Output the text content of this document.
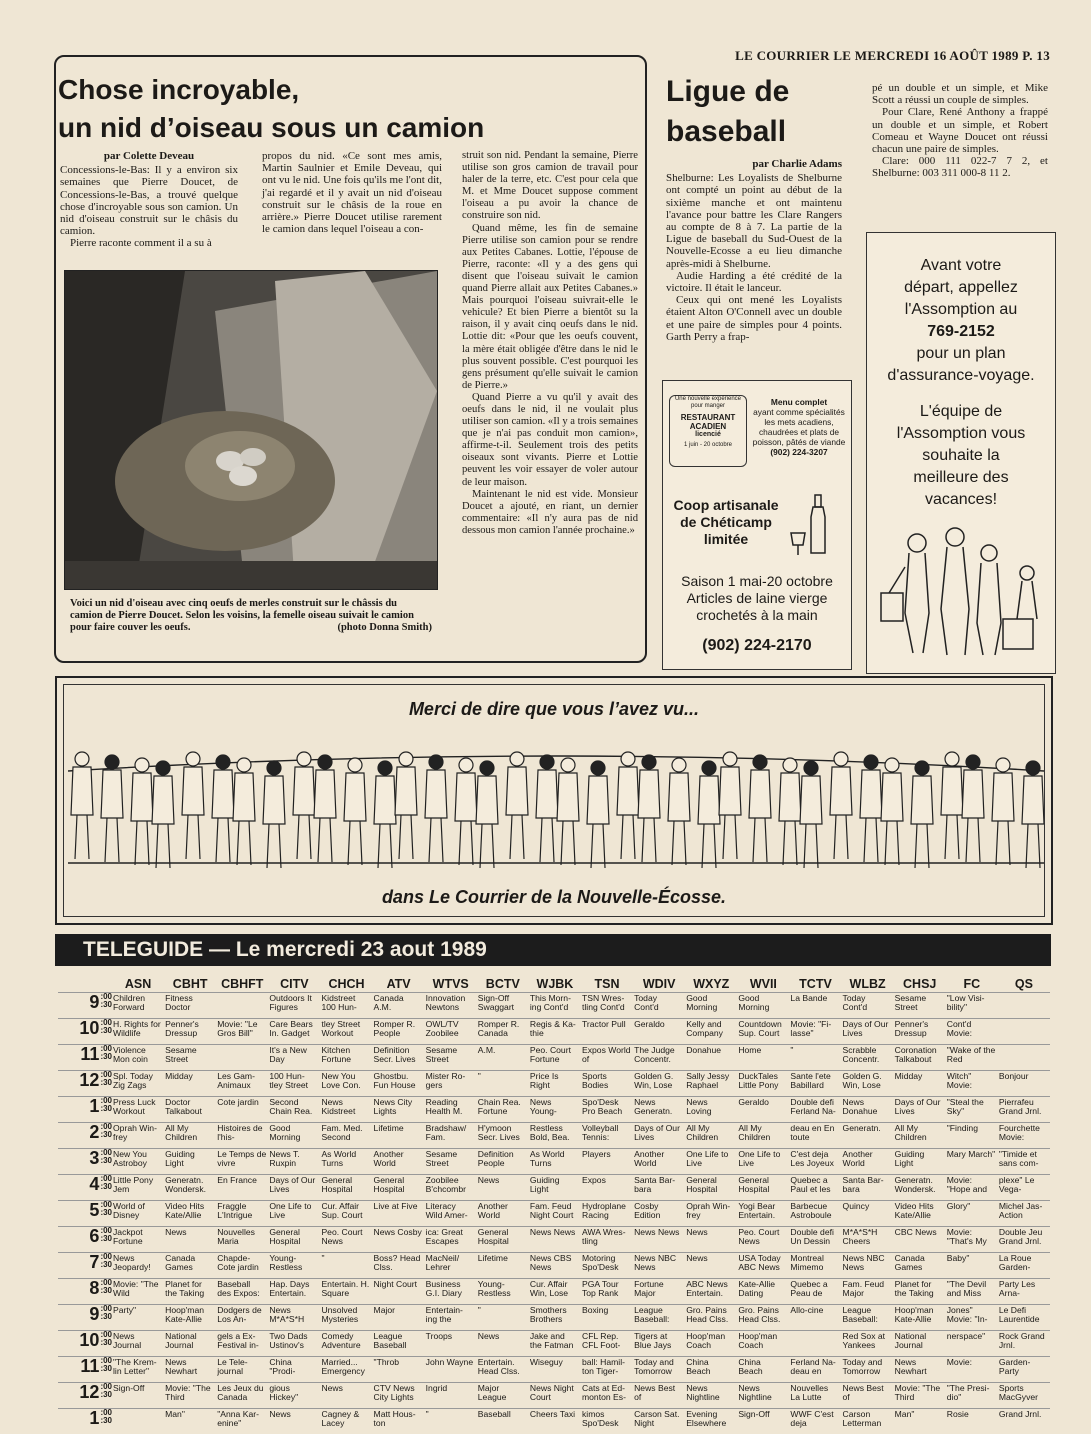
LE COURRIER LE MERCREDI 16 AOÛT 1989 P. 13
Chose incroyable,
un nid d’oiseau sous un camion
par Colette Deveau

Concessions-le-Bas: Il y a environ six semaines que Pierre Doucet, de Concessions-le-Bas, a trouvé quelque chose d'incroyable sous son camion. Un nid d'oiseau construit sur le châsis du camion.

Pierre raconte comment il a su à

propos du nid. «Ce sont mes amis, Martin Saulnier et Emile Deveau, qui ont vu le nid. Une fois qu'ils me l'ont dit, j'ai regardé et il y avait un nid d'oiseau construit sur le châsis de la roue en arrière.» Pierre Doucet utilise rarement le camion dans lequel l'oiseau a con-

struit son nid. Pendant la semaine, Pierre utilise son gros camion de travail pour haler de la terre, etc. C'est pour cela que M. et Mme Doucet suppose comment l'oiseau a pu avoir la chance de construire son nid.

Quand même, les fin de semaine Pierre utilise son camion pour se rendre aux Petites Cabanes. Lottie, l'épouse de Pierre, raconte: «Il y a des gens qui disent que l'oiseau suivait le camion quand Pierre allait aux Petites Cabanes.» Mais pourquoi l'oiseau suivrait-elle le vehicule? Et bien Pierre a bientôt su la raison, il y avait cinq oeufs dans le nid. Lottie dit: «Pour que les oeufs couvent, la mère était obligée d'être dans le nid le plus souvent possible. C'est pourquoi les gens présument qu'elle suivait le camion de Pierre.»

Quand Pierre a vu qu'il y avait des oeufs dans le nid, il ne voulait plus utiliser son camion. «Il y a trois semaines que je n'ai pas conduit mon camion», affirme-t-il. Seulement trois des petits oiseaux sont vivants. Pierre et Lottie peuvent les voir essayer de voler autour de leur maison.

Maintenant le nid est vide. Monsieur Doucet a ajouté, en riant, un dernier commentaire: «Il n'y aura pas de nid dessous mon camion l'année prochaine.»

Voici un nid d'oiseau avec cinq oeufs de merles construit sur le châssis du camion de Pierre Doucet. Selon les voisins, la femelle oiseau suivait le camion pour faire couver les oeufs.	(photo Donna Smith)
Ligue de
baseball
par Charlie Adams

Shelburne: Les Loyalists de Shelburne ont compté un point au début de la sixième manche et ont maintenu l'avance pour battre les Clare Rangers au compte de 8 à 7. La partie de la Ligue de baseball du Sud-Ouest de la Nouvelle-Ecosse a eu lieu dimanche après-midi à Shelburne.

Audie Harding a été crédité de la victoire. Il était le lanceur.

Ceux qui ont mené les Loyalists étaient Alton O'Connell avec un double et une paire de simples pour 4 points. Garth Perry a frap-

pé un double et un simple, et Mike Scott a réussi un couple de simples.

Pour Clare, René Anthony a frappé un double et un simple, et Robert Comeau et Wayne Doucet ont réussi chacun une paire de simples.

Clare: 000 111 022-7 7 2, et Shelburne: 003 311 000-8 11 2.

Une nouvelle expérience pour manger
RESTAURANT ACADIEN
licencié
1 juin - 20 octobre
Menu complet
ayant comme spécialités les mets acadiens, chaudrées et plats de poisson, pâtés de viande
(902) 224-3207
Coop artisanale
de Chéticamp
limitée
Saison 1 mai-20 octobre
Articles de laine vierge
crochetés à la main
(902) 224-2170
Avant votre
départ, appellez
l'Assomption au
769-2152
pour un plan
d'assurance-voyage.
L'équipe de
l'Assomption vous
souhaite la
meilleure des
vacances!
Merci de dire que vous l’avez vu...
dans Le Courrier de la Nouvelle-Écosse.
TELEGUIDE — Le mercredi 23 aout 1989
	ASN	CBHT	CBHFT	CITV	CHCH	ATV	WTVS	BCTV	WJBK	TSN	WDIV	WXYZ	WVII	TCTV	WLBZ	CHSJ	FC	QS
9:00
:30	Children Forward	Fitness Doctor		Outdoors It Figures	Kidstreet 100 Hun-	Canada A.M.	Innovation Newtons	Sign-Off Swaggart	This Morn- ing Cont'd	TSN Wres- tling Cont'd	Today Cont'd	Good Morning	Good Morning	La Bande	Today Cont'd	Sesame Street	"Low Visi- bility"	
10:00
:30	H. Rights for Wildlife	Penner's Dressup	Movie: "Le Gros Bill"	Care Bears In. Gadget	tley Street Workout	Romper R. People	OWL/TV Zoobilee	Romper R. Canada	Regis & Ka- thie	Tractor Pull	Geraldo	Kelly and Company	Countdown Sup. Court	Movie: "Fi- lasse"	Days of Our Lives	Penner's Dressup	Cont'd Movie:	
11:00
:30	Violence Mon coin	Sesame Street		It's a New Day	Kitchen Fortune	Definition Secr. Lives	Sesame Street	A.M.	Peo. Court Fortune	Expos World of	The Judge Concentr.	Donahue	Home	"	Scrabble Concentr.	Coronation Talkabout	"Wake of the Red	
12:00
:30	Spl. Today Zig Zags	Midday	Les Gam- Animaux	100 Hun- tley Street	New You Love Con.	Ghostbu. Fun House	Mister Ro- gers	"	Price Is Right	Sports Bodies	Golden G. Win, Lose	Sally Jessy Raphael	DuckTales Little Pony	Sante l'ete Babillard	Golden G. Win, Lose	Midday	Witch" Movie:	Bonjour
1:00
:30	Press Luck Workout	Doctor Talkabout	Cote jardin	Second Chain Rea.	News Kidstreet	News City Lights	Reading Health M.	Chain Rea. Fortune	News Young-	Spo'Desk Pro Beach	News Generatn.	News Loving	Geraldo	Double defi Ferland Na-	News Donahue	Days of Our Lives	"Steal the Sky"	Pierrafeu Grand Jrnl.
2:00
:30	Oprah Win- frey	All My Children	Histoires de l'his-	Good Morning	Fam. Med. Second	Lifetime	Bradshaw/ Fam.	H'ymoon Secr. Lives	Restless Bold, Bea.	Volleyball Tennis:	Days of Our Lives	All My Children	All My Children	deau en En toute	Generatn.	All My Children	"Finding	Fourchette Movie:
3:00
:30	New You Astroboy	Guiding Light	Le Temps de vivre	News T. Ruxpin	As World Turns	Another World	Sesame Street	Definition People	As World Turns	Players	Another World	One Life to Live	One Life to Live	C'est deja Les Joyeux	Another World	Guiding Light	Mary March"	"Timide et sans com-
4:00
:30	Little Pony Jem	Generatn. Wondersk.	En France	Days of Our Lives	General Hospital	General Hospital	Zoobilee B'chcombr	News	Guiding Light	Expos	Santa Bar- bara	General Hospital	General Hospital	Quebec a Paul et les	Santa Bar- bara	Generatn. Wondersk.	Movie: "Hope and	plexe" Le Vega-
5:00
:30	World of Disney	Video Hits Kate/Allie	Fraggle L'Intrigue	One Life to Live	Cur. Affair Sup. Court	Live at Five	Literacy Wild Amer-	Another World	Fam. Feud Night Court	Hydroplane Racing	Cosby Edition	Oprah Win- frey	Yogi Bear Entertain.	Barbecue Astroboule	Quincy	Video Hits Kate/Allie	Glory"	Michel Jas- Action
6:00
:30	Jackpot Fortune	News	Nouvelles Maria	General Hospital	Peo. Court News	News Cosby	ica: Great Escapes	General Hospital	News News	AWA Wres- tling	News News	News	Peo. Court News	Double defi Un Dessin	M*A*S*H Cheers	CBC News	Movie: "That's My	Double Jeu Grand Jrnl.
7:00
:30	News Jeopardy!	Canada Games	Chapde- Cote jardin	Young- Restless	"	Boss? Head Clss.	MacNeil/ Lehrer	Lifetime	News CBS News	Motoring Spo'Desk	News NBC News	News	USA Today ABC News	Montreal Mimemo	News NBC News	Canada Games	Baby"	La Roue Garden-
8:00
:30	Movie: "The Wild	Planet for the Taking	Baseball des Expos:	Hap. Days Entertain.	Entertain. H. Square	Night Court	Business G.I. Diary	Young- Restless	Cur. Affair Win, Lose	PGA Tour Top Rank	Fortune Major	ABC News Entertain.	Kate-Allie Dating	Quebec a Peau de	Fam. Feud Major	Planet for the Taking	"The Devil and Miss	Party Les Arna-
9:00
:30	Party"	Hoop'man Kate-Allie	Dodgers de Los An-	News M*A*S*H	Unsolved Mysteries	Major	Entertain- ing the	"	Smothers Brothers	Boxing	League Baseball:	Gro. Pains Head Clss.	Gro. Pains Head Clss.	Allo-cine	League Baseball:	Hoop'man Kate-Allie	Jones" Movie: "In-	Le Defi Laurentide
10:00
:30	News Journal	National Journal	gels a Ex- Festival in-	Two Dads Ustinov's	Comedy Adventure	League Baseball	Troops	News	Jake and the Fatman	CFL Rep. CFL Foot-	Tigers at Blue Jays	Hoop'man Coach	Hoop'man Coach		Red Sox at Yankees	National Journal	nerspace"	Rock Grand Jrnl.
11:00
:30	"The Krem- lin Letter"	News Newhart	Le Tele- journal	China "Prodi-	Married... Emergency	"Throb	John Wayne	Entertain. Head Clss.	Wiseguy	ball: Hamil- ton Tiger-	Today and Tomorrow	China Beach	China Beach	Ferland Na- deau en	Today and Tomorrow	News Newhart	Movie:	Garden- Party
12:00
:30	Sign-Off	Movie: "The Third	Les Jeux du Canada	gious Hickey"	News	CTV News City Lights	Ingrid	Major League	News Night Court	Cats at Ed- monton Es-	News Best of	News Nightline	News Nightline	Nouvelles La Lutte	News Best of	Movie: "The Third	"The Presi- dio"	Sports MacGyver
1:00
:30		Man"	"Anna Kar- enine"	News	Cagney & Lacey	Matt Hous- ton	"	Baseball	Cheers Taxi	kimos Spo'Desk	Carson Sat. Night	Evening Elsewhere	Sign-Off	WWF C'est deja	Carson Letterman	Man"	Rosie	Grand Jrnl.
